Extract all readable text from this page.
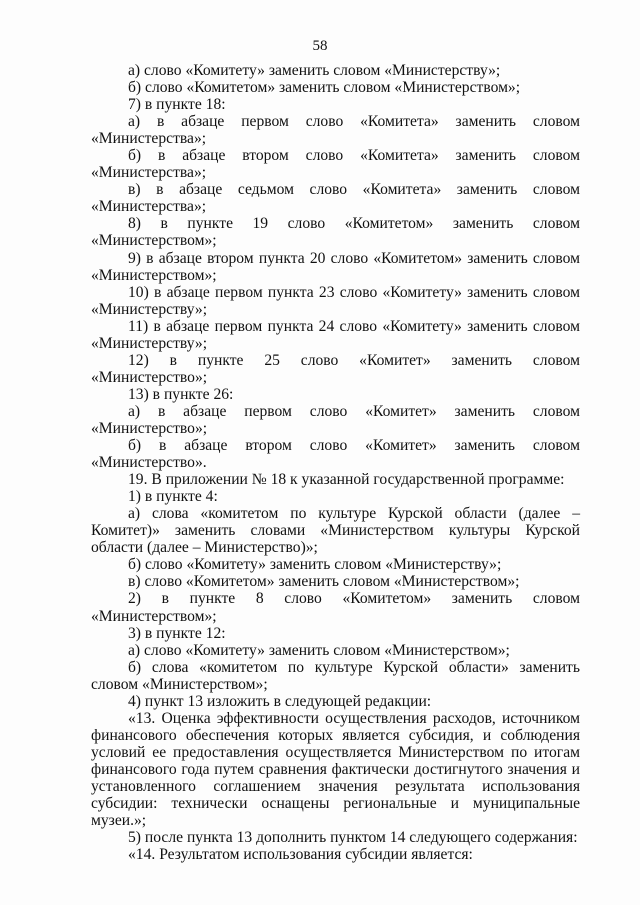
58

а) слово «Комитету» заменить словом «Министерству»;

б) слово «Комитетом» заменить словом «Министерством»;

7) в пункте 18:

а) в абзаце первом слово «Комитета» заменить словом «Министерства»;

б) в абзаце втором слово «Комитета» заменить словом «Министерства»;

в) в абзаце седьмом слово «Комитета» заменить словом «Министерства»;

8) в пункте 19 слово «Комитетом» заменить словом «Министерством»;

9) в абзаце втором пункта 20 слово «Комитетом» заменить словом «Министерством»;

10) в абзаце первом пункта 23 слово «Комитету» заменить словом «Министерству»;

11) в абзаце первом пункта 24 слово «Комитету» заменить словом «Министерству»;

12) в пункте 25 слово «Комитет» заменить словом «Министерство»;

13) в пункте 26:

а) в абзаце первом слово «Комитет» заменить словом «Министерство»;

б) в абзаце втором слово «Комитет» заменить словом «Министерство».

19. В приложении № 18 к указанной государственной программе:

1) в пункте 4:

а) слова «комитетом по культуре Курской области (далее – Комитет)» заменить словами «Министерством культуры Курской области (далее – Министерство)»;

б) слово «Комитету» заменить словом «Министерству»;

в) слово «Комитетом» заменить словом «Министерством»;

2) в пункте 8 слово «Комитетом» заменить словом «Министерством»;

3) в пункте 12:

а) слово «Комитету» заменить словом «Министерством»;

б) слова «комитетом по культуре Курской области» заменить словом «Министерством»;

4) пункт 13 изложить в следующей редакции:

«13. Оценка эффективности осуществления расходов, источником финансового обеспечения которых является субсидия, и соблюдения условий ее предоставления осуществляется Министерством по итогам финансового года путем сравнения фактически достигнутого значения и установленного соглашением значения результата использования субсидии: технически оснащены региональные и муниципальные музеи.»;

5) после пункта 13 дополнить пунктом 14 следующего содержания:

«14. Результатом использования субсидии является:
